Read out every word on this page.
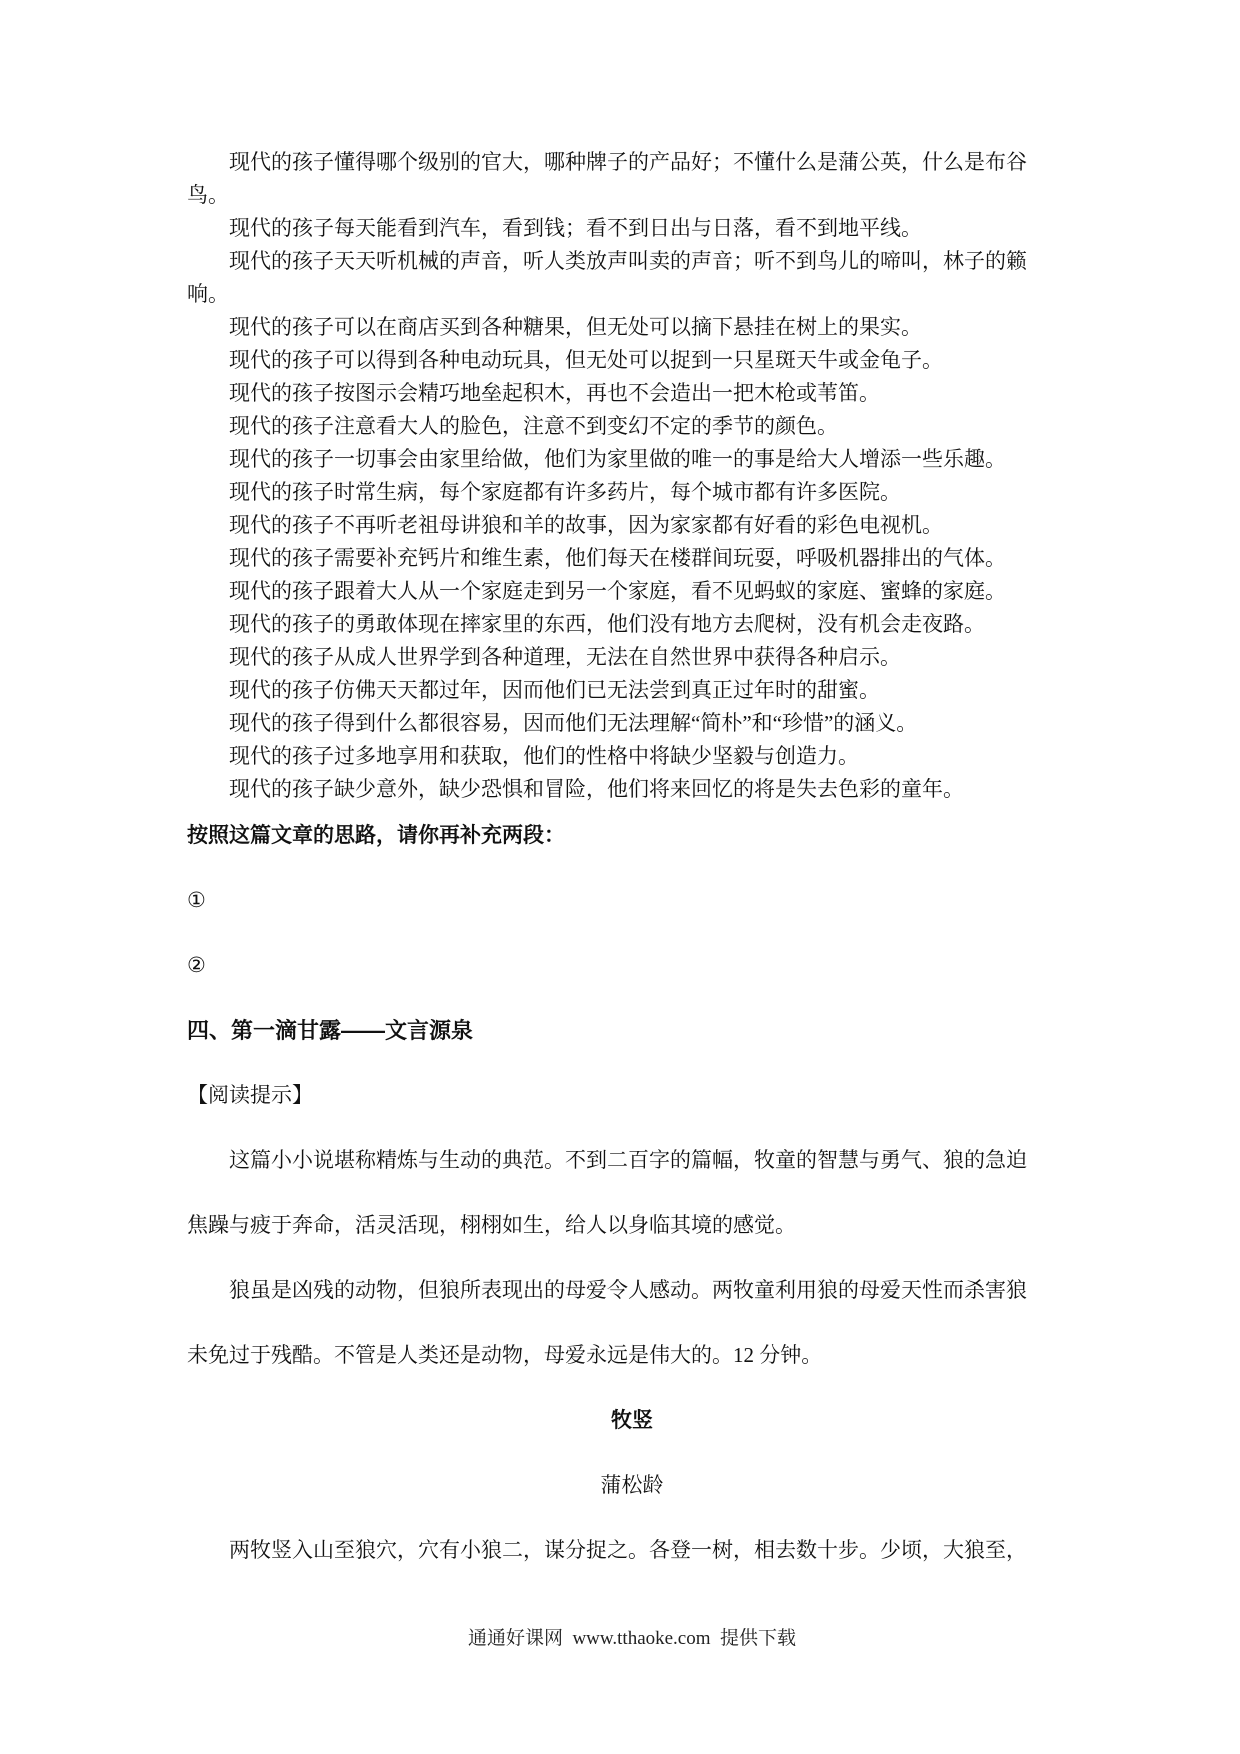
现代的孩子懂得哪个级别的官大，哪种牌子的产品好；不懂什么是蒲公英，什么是布谷
鸟。
现代的孩子每天能看到汽车，看到钱；看不到日出与日落，看不到地平线。
现代的孩子天天听机械的声音，听人类放声叫卖的声音；听不到鸟儿的啼叫，林子的籁
响。
现代的孩子可以在商店买到各种糖果，但无处可以摘下悬挂在树上的果实。
现代的孩子可以得到各种电动玩具，但无处可以捉到一只星斑天牛或金龟子。
现代的孩子按图示会精巧地垒起积木，再也不会造出一把木枪或苇笛。
现代的孩子注意看大人的脸色，注意不到变幻不定的季节的颜色。
现代的孩子一切事会由家里给做，他们为家里做的唯一的事是给大人增添一些乐趣。
现代的孩子时常生病，每个家庭都有许多药片，每个城市都有许多医院。
现代的孩子不再听老祖母讲狼和羊的故事，因为家家都有好看的彩色电视机。
现代的孩子需要补充钙片和维生素，他们每天在楼群间玩耍，呼吸机器排出的气体。
现代的孩子跟着大人从一个家庭走到另一个家庭，看不见蚂蚁的家庭、蜜蜂的家庭。
现代的孩子的勇敢体现在摔家里的东西，他们没有地方去爬树，没有机会走夜路。
现代的孩子从成人世界学到各种道理，无法在自然世界中获得各种启示。
现代的孩子仿佛天天都过年，因而他们已无法尝到真正过年时的甜蜜。
现代的孩子得到什么都很容易，因而他们无法理解“简朴”和“珍惜”的涵义。
现代的孩子过多地享用和获取，他们的性格中将缺少坚毅与创造力。
现代的孩子缺少意外，缺少恐惧和冒险，他们将来回忆的将是失去色彩的童年。
按照这篇文章的思路，请你再补充两段：
①
②
四、第一滴甘露——文言源泉
【阅读提示】
这篇小小说堪称精炼与生动的典范。不到二百字的篇幅，牧童的智慧与勇气、狼的急迫
焦躁与疲于奔命，活灵活现，栩栩如生，给人以身临其境的感觉。
狼虽是凶残的动物，但狼所表现出的母爱令人感动。两牧童利用狼的母爱天性而杀害狼
未免过于残酷。不管是人类还是动物，母爱永远是伟大的。12 分钟。
牧竖
蒲松龄
两牧竖入山至狼穴，穴有小狼二，谋分捉之。各登一树，相去数十步。少顷，大狼至，
通通好课网  www.tthaoke.com  提供下载
